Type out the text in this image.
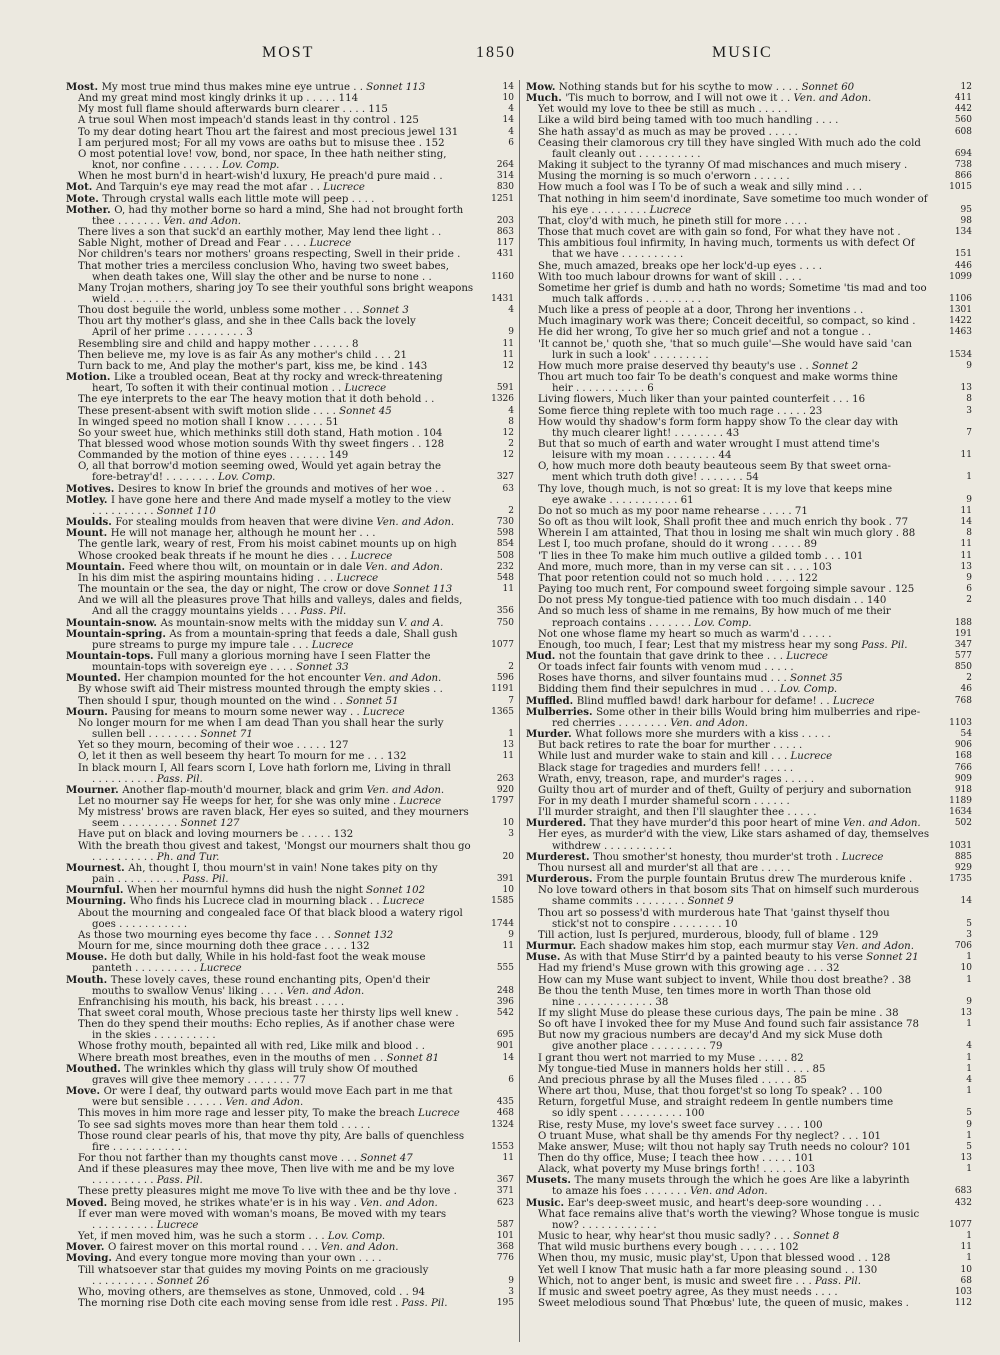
MOST	1850	MUSIC
Most. My most true mind thus makes mine eye untrue . . Sonnet 113	14
And my great mind most kingly drinks it up . . . . . 114	10
My most full flame should afterwards burn clearer . . . . 115	4
A true soul When most impeach'd stands least in thy control . 125	14
To my dear doting heart Thou art the fairest and most precious jewel 131	4
I am perjured most; For all my vows are oaths but to misuse thee . 152	6
O most potential love! vow, bond, nor space, In thee hath neither sting,
knot, nor confine . . . . . . Lov. Comp.	264
When he most burn'd in heart-wish'd luxury, He preach'd pure maid . .	314
Mot. And Tarquin's eye may read the mot afar . . Lucrece	830
Mote. Through crystal walls each little mote will peep . . . .	1251
Mother. O, had thy mother borne so hard a mind, She had not brought forth
thee . . . . . . . Ven. and Adon.	203
There lives a son that suck'd an earthly mother, May lend thee light . .	863
Sable Night, mother of Dread and Fear . . . . Lucrece	117
Nor children's tears nor mothers' groans respecting, Swell in their pride .	431
That mother tries a merciless conclusion Who, having two sweet babes,
when death takes one, Will slay the other and be nurse to none . .	1160
Many Trojan mothers, sharing joy To see their youthful sons bright weapons
wield . . . . . . . . . . .	1431
Thou dost beguile the world, unbless some mother . . . Sonnet 3	4
Thou art thy mother's glass, and she in thee Calls back the lovely
April of her prime . . . . . . . . . 3	9
Resembling sire and child and happy mother . . . . . . 8	11
Then believe me, my love is as fair As any mother's child . . . 21	11
Turn back to me, And play the mother's part, kiss me, be kind . 143	12
Motion. Like a troubled ocean, Beat at thy rocky and wreck-threatening
heart, To soften it with their continual motion . . Lucrece	591
The eye interprets to the ear The heavy motion that it doth behold . .	1326
These present-absent with swift motion slide . . . . Sonnet 45	4
In winged speed no motion shall I know . . . . . . 51	8
So your sweet hue, which methinks still doth stand, Hath motion . 104	12
That blessed wood whose motion sounds With thy sweet fingers . . 128	2
Commanded by the motion of thine eyes . . . . . . 149	12
O, all that borrow'd motion seeming owed, Would yet again betray the
fore-betray'd! . . . . . . . . Lov. Comp.	327
Motives. Desires to know In brief the grounds and motives of her woe . .	63
Motley. I have gone here and there And made myself a motley to the view
. . . . . . . . . . Sonnet 110	2
Moulds. For stealing moulds from heaven that were divine Ven. and Adon.	730
Mount. He will not manage her, although he mount her . . .	598
The gentle lark, weary of rest, From his moist cabinet mounts up on high	854
Whose crooked beak threats if he mount he dies . . . Lucrece	508
Mountain. Feed where thou wilt, on mountain or in dale Ven. and Adon.	232
In his dim mist the aspiring mountains hiding . . . Lucrece	548
The mountain or the sea, the day or night, The crow or dove Sonnet 113	11
And we will all the pleasures prove That hills and valleys, dales and fields,
And all the craggy mountains yields . . . Pass. Pil.	356
Mountain-snow. As mountain-snow melts with the midday sun V. and A.	750
Mountain-spring. As from a mountain-spring that feeds a dale, Shall gush
pure streams to purge my impure tale . . . Lucrece	1077
Mountain-tops. Full many a glorious morning have I seen Flatter the
mountain-tops with sovereign eye . . . . Sonnet 33	2
Mounted. Her champion mounted for the hot encounter Ven. and Adon.	596
By whose swift aid Their mistress mounted through the empty skies . .	1191
Then should I spur, though mounted on the wind . . Sonnet 51	7
Mourn. Pausing for means to mourn some newer way . . Lucrece	1365
No longer mourn for me when I am dead Than you shall hear the surly
sullen bell . . . . . . . . Sonnet 71	1
Yet so they mourn, becoming of their woe . . . . . 127	13
O, let it then as well beseem thy heart To mourn for me . . . 132	11
In black mourn I, All fears scorn I, Love hath forlorn me, Living in thrall
. . . . . . . . . . Pass. Pil.	263
Mourner. Another flap-mouth'd mourner, black and grim Ven. and Adon.	920
Let no mourner say He weeps for her, for she was only mine . Lucrece	1797
My mistress' brows are raven black, Her eyes so suited, and they mourners
seem . . . . . . . . . Sonnet 127	10
Have put on black and loving mourners be . . . . . 132	3
With the breath thou givest and takest, 'Mongst our mourners shalt thou go
. . . . . . . . . . Ph. and Tur.	20
Mournest. Ah, thought I, thou mourn'st in vain! None takes pity on thy
pain . . . . . . . . . . Pass. Pil.	391
Mournful. When her mournful hymns did hush the night Sonnet 102	10
Mourning. Who finds his Lucrece clad in mourning black . . Lucrece	1585
About the mourning and congealed face Of that black blood a watery rigol
goes . . . . . . . . . . .	1744
As those two mourning eyes become thy face . . . Sonnet 132	9
Mourn for me, since mourning doth thee grace . . . . 132	11
Mouse. He doth but dally, While in his hold-fast foot the weak mouse
panteth . . . . . . . . . . Lucrece	555
Mouth. These lovely caves, these round enchanting pits, Open'd their
mouths to swallow Venus' liking . . . . Ven. and Adon.	248
Enfranchising his mouth, his back, his breast . . . . .	396
That sweet coral mouth, Whose precious taste her thirsty lips well knew .	542
Then do they spend their mouths: Echo replies, As if another chase were
in the skies . . . . . . . . . .	695
Whose frothy mouth, bepainted all with red, Like milk and blood . .	901
Where breath most breathes, even in the mouths of men . . Sonnet 81	14
Mouthed. The wrinkles which thy glass will truly show Of mouthed
graves will give thee memory . . . . . . . 77	6
Move. Or were I deaf, thy outward parts would move Each part in me that
were but sensible . . . . . . Ven. and Adon.	435
This moves in him more rage and lesser pity, To make the breach Lucrece	468
To see sad sights moves more than hear them told . . . . .	1324
Those round clear pearls of his, that move thy pity, Are balls of quenchless
fire . . . . . . . . . . . .	1553
For thou not farther than my thoughts canst move . . . Sonnet 47	11
And if these pleasures may thee move, Then live with me and be my love
. . . . . . . . . . Pass. Pil.	367
These pretty pleasures might me move To live with thee and be thy love .	371
Moved. Being moved, he strikes whate'er is in his way . Ven. and Adon.	623
If ever man were moved with woman's moans, Be moved with my tears
. . . . . . . . . . Lucrece	587
Yet, if men moved him, was he such a storm . . . Lov. Comp.	101
Mover. O fairest mover on this mortal round . . . Ven. and Adon.	368
Moving. And every tongue more moving than your own . . . .	776
Till whatsoever star that guides my moving Points on me graciously
. . . . . . . . . . Sonnet 26	9
Who, moving others, are themselves as stone, Unmoved, cold . . 94	3
The morning rise Doth cite each moving sense from idle rest . Pass. Pil.	195
Mow. Nothing stands but for his scythe to mow . . . . Sonnet 60	12
Much. 'Tis much to borrow, and I will not owe it . . Ven. and Adon.	411
Yet would my love to thee be still as much . . . . .	442
Like a wild bird being tamed with too much handling . . . .	560
She hath assay'd as much as may be proved . . . . .	608
Ceasing their clamorous cry till they have singled With much ado the cold
fault cleanly out . . . . . . . . . .	694
Making it subject to the tyranny Of mad mischances and much misery .	738
Musing the morning is so much o'erworn . . . . . .	866
How much a fool was I To be of such a weak and silly mind . . .	1015
That nothing in him seem'd inordinate, Save sometime too much wonder of
his eye . . . . . . . . . Lucrece	95
That, cloy'd with much, he pineth still for more . . . .	98
Those that much covet are with gain so fond, For what they have not .	134
This ambitious foul infirmity, In having much, torments us with defect Of
that we have . . . . . . . . . .	151
She, much amazed, breaks ope her lock'd-up eyes . . . .	446
With too much labour drowns for want of skill . . . .	1099
Sometime her grief is dumb and hath no words; Sometime 'tis mad and too
much talk affords . . . . . . . . .	1106
Much like a press of people at a door, Throng her inventions . .	1301
Much imaginary work was there; Conceit deceitful, so compact, so kind .	1422
He did her wrong, To give her so much grief and not a tongue . .	1463
'It cannot be,' quoth she, 'that so much guile'—She would have said 'can
lurk in such a look' . . . . . . . . .	1534
How much more praise deserved thy beauty's use . . Sonnet 2	9
Thou art much too fair To be death's conquest and make worms thine
heir . . . . . . . . . . . 6	13
Living flowers, Much liker than your painted counterfeit . . . 16	8
Some fierce thing replete with too much rage . . . . . 23	3
How would thy shadow's form form happy show To the clear day with
thy much clearer light! . . . . . . . . 43	7
But that so much of earth and water wrought I must attend time's
leisure with my moan . . . . . . . . 44	11
O, how much more doth beauty beauteous seem By that sweet orna-
ment which truth doth give! . . . . . . . 54	1
Thy love, though much, is not so great: It is my love that keeps mine
eye awake . . . . . . . . . . . 61	9
Do not so much as my poor name rehearse . . . . . 71	11
So oft as thou wilt look, Shall profit thee and much enrich thy book . 77	14
Wherein I am attainted, That thou in losing me shalt win much glory . 88	8
Lest I, too much profane, should do it wrong . . . . . 89	11
'T lies in thee To make him much outlive a gilded tomb . . . 101	11
And more, much more, than in my verse can sit . . . . 103	13
That poor retention could not so much hold . . . . . 122	9
Paying too much rent, For compound sweet forgoing simple savour . 125	6
Do not press My tongue-tied patience with too much disdain . . 140	2
And so much less of shame in me remains, By how much of me their
reproach contains . . . . . . . Lov. Comp.	188
Not one whose flame my heart so much as warm'd . . . . .	191
Enough, too much, I fear; Lest that my mistress hear my song Pass. Pil.	347
Mud. not the fountain that gave drink to thee . . . Lucrece	577
Or toads infect fair founts with venom mud . . . . .	850
Roses have thorns, and silver fountains mud . . . Sonnet 35	2
Bidding them find their sepulchres in mud . . . Lov. Comp.	46
Muffled. Blind muffled bawd! dark harbour for defame! . . Lucrece	768
Mulberries. Some other in their bills Would bring him mulberries and ripe-
red cherries . . . . . . . . Ven. and Adon.	1103
Murder. What follows more she murders with a kiss . . . . .	54
But back retires to rate the boar for murther . . . . .	906
While lust and murder wake to stain and kill . . . Lucrece	168
Black stage for tragedies and murders fell! . . . . .	766
Wrath, envy, treason, rape, and murder's rages . . . . .	909
Guilty thou art of murder and of theft, Guilty of perjury and subornation	918
For in my death I murder shameful scorn . . . . . .	1189
I'll murder straight, and then I'll slaughter thee . . . . .	1634
Murdered. That they have murder'd this poor heart of mine Ven. and Adon.	502
Her eyes, as murder'd with the view, Like stars ashamed of day, themselves
withdrew . . . . . . . . . . .	1031
Murderest. Thou smother'st honesty, thou murder'st troth . Lucrece	885
Thou nursest all and murder'st all that are . . . . .	929
Murderous. From the purple fountain Brutus drew The murderous knife .	1735
No love toward others in that bosom sits That on himself such murderous
shame commits . . . . . . . . Sonnet 9	14
Thou art so possess'd with murderous hate That 'gainst thyself thou
stick'st not to conspire . . . . . . . . 10	5
Till action, lust Is perjured, murderous, bloody, full of blame . 129	3
Murmur. Each shadow makes him stop, each murmur stay Ven. and Adon.	706
Muse. As with that Muse Stirr'd by a painted beauty to his verse Sonnet 21	1
Had my friend's Muse grown with this growing age . . . 32	10
How can my Muse want subject to invent, While thou dost breathe? . 38	1
Be thou the tenth Muse, ten times more in worth Than those old
nine . . . . . . . . . . . . 38	9
If my slight Muse do please these curious days, The pain be mine . 38	13
So oft have I invoked thee for my Muse And found such fair assistance 78	1
But now my gracious numbers are decay'd And my sick Muse doth
give another place . . . . . . . . . 79	4
I grant thou wert not married to my Muse . . . . . 82	1
My tongue-tied Muse in manners holds her still . . . . 85	1
And precious phrase by all the Muses filed . . . . . 85	4
Where art thou, Muse, that thou forget'st so long To speak? . . 100	1
Return, forgetful Muse, and straight redeem In gentle numbers time
so idly spent . . . . . . . . . . 100	5
Rise, resty Muse, my love's sweet face survey . . . . 100	9
O truant Muse, what shall be thy amends For thy neglect? . . . 101	1
Make answer, Muse; wilt thou not haply say Truth needs no colour? 101	5
Then do thy office, Muse; I teach thee how . . . . . 101	13
Alack, what poverty my Muse brings forth! . . . . . 103	1
Musets. The many musets through the which he goes Are like a labyrinth
to amaze his foes . . . . . . . Ven. and Adon.	683
Music. Ear's deep-sweet music, and heart's deep-sore wounding . . .	432
What face remains alive that's worth the viewing? Whose tongue is music
now? . . . . . . . . . . . .	1077
Music to hear, why hear'st thou music sadly? . . . Sonnet 8	1
That wild music burthens every bough . . . . . . 102	11
When thou, my music, music play'st, Upon that blessed wood . . 128	1
Yet well I know That music hath a far more pleasing sound . . 130	10
Which, not to anger bent, is music and sweet fire . . . Pass. Pil.	68
If music and sweet poetry agree, As they must needs . . . .	103
Sweet melodious sound That Phœbus' lute, the queen of music, makes .	112
